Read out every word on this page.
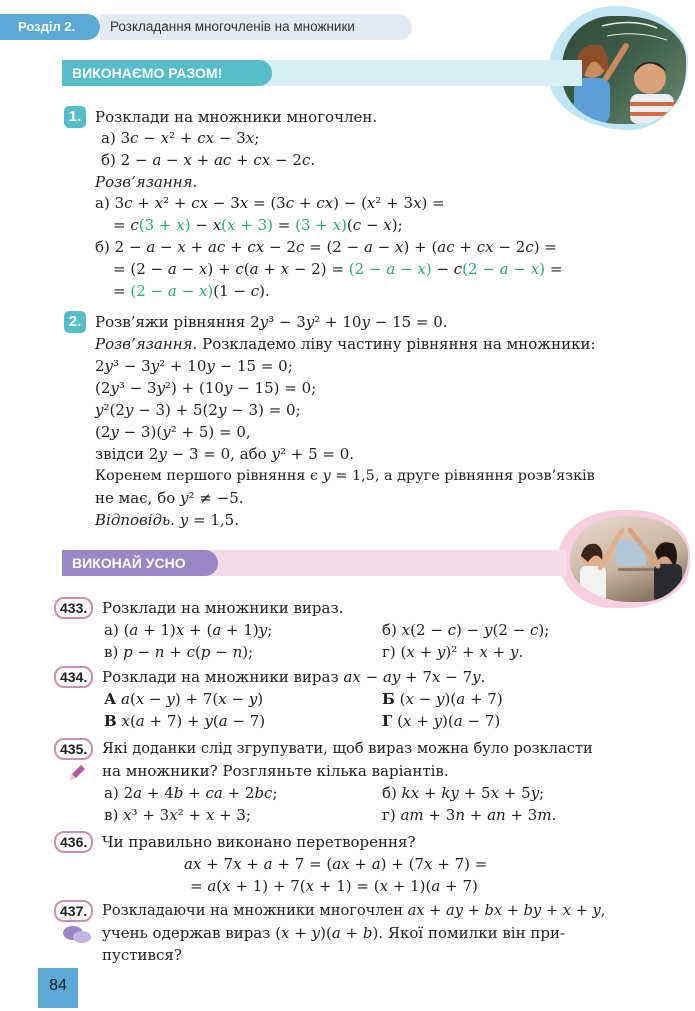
Розкладання многочленів на множники
Розділ 2.
ВИКОНАЄМО РАЗОМ!
1. Розклади на множники многочлен.
а) 3c − x² + cx − 3x;
б) 2 − a − x + ac + cx − 2c.
Розв’язання.
а) 3c + x² + cx − 3x = (3c + cx) − (x² + 3x) =
= c(3 + x) − x(x + 3) = (3 + x)(c − x);
б) 2 − a − x + ac + cx − 2c = (2 − a − x) + (ac + cx − 2c) =
= (2 − a − x) + c(a + x − 2) = (2 − a − x) − c(2 − a − x) =
= (2 − a − x)(1 − c).
2. Розв’яжи рівняння 2y³ − 3y² + 10y − 15 = 0.
Розв’язання. Розкладемо ліву частину рівняння на множники:
2y³ − 3y² + 10y − 15 = 0;
(2y³ − 3y²) + (10y − 15) = 0;
y²(2y − 3) + 5(2y − 3) = 0;
(2y − 3)(y² + 5) = 0,
звідси 2y − 3 = 0, або y² + 5 = 0.
Коренем першого рівняння є y = 1,5, а друге рівняння розв’язків
не має, бо y² ≠ −5.
Відповідь. y = 1,5.
ВИКОНАЙ УСНО
433. Розклади на множники вираз.
а) (a + 1)x + (a + 1)y;	б) x(2 − c) − y(2 − c);
в) p − n + c(p − n);	г) (x + y)² + x + y.
434. Розклади на множники вираз ax − ay + 7x − 7y.
А a(x − y) + 7(x − y)	Б (x − y)(a + 7)
В x(a + 7) + y(a − 7)	Г (x + y)(a − 7)
435.	Які доданки слід згрупувати, щоб вираз можна було розкласти
на множники? Розгляньте кілька варіантів.
а) 2a + 4b + ca + 2bc;	б) kx + ky + 5x + 5y;
в) x³ + 3x² + x + 3;	г) am + 3n + an + 3m.
436. Чи правильно виконано перетворення?
ax + 7x + a + 7 = (ax + a) + (7x + 7) =
= a(x + 1) + 7(x + 1) = (x + 1)(a + 7)
437.	Розкладаючи на множники многочлен ax + ay + bx + by + x + y,
учень одержав вираз (x + y)(a + b). Якої помилки він при-
пустився?
84
